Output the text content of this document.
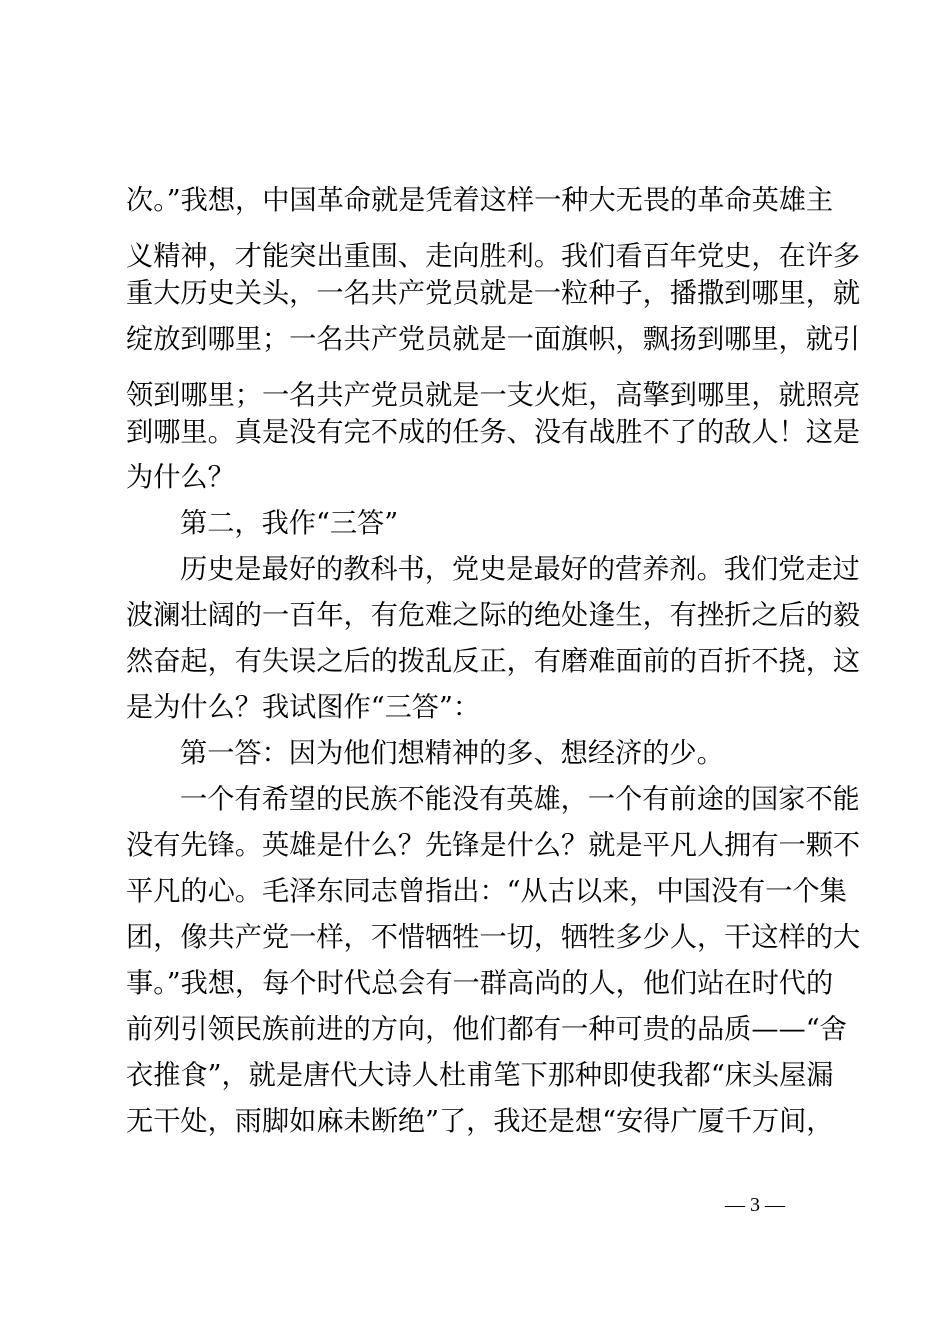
次。”我想，中国革命就是凭着这样一种大无畏的革命英雄主
义精神，才能突出重围、走向胜利。我们看百年党史，在许多
重大历史关头，一名共产党员就是一粒种子，播撒到哪里，就
绽放到哪里；一名共产党员就是一面旗帜，飘扬到哪里，就引
领到哪里；一名共产党员就是一支火炬，高擎到哪里，就照亮
到哪里。真是没有完不成的任务、没有战胜不了的敌人！这是
为什么？
第二，我作“三答”
历史是最好的教科书，党史是最好的营养剂。我们党走过
波澜壮阔的一百年，有危难之际的绝处逢生，有挫折之后的毅
然奋起，有失误之后的拨乱反正，有磨难面前的百折不挠，这
是为什么？我试图作“三答”：
第一答：因为他们想精神的多、想经济的少。
一个有希望的民族不能没有英雄，一个有前途的国家不能
没有先锋。英雄是什么？先锋是什么？就是平凡人拥有一颗不
平凡的心。毛泽东同志曾指出：“从古以来，中国没有一个集
团，像共产党一样，不惜牺牲一切，牺牲多少人，干这样的大
事。”我想，每个时代总会有一群高尚的人，他们站在时代的
前列引领民族前进的方向，他们都有一种可贵的品质——“舍
衣推食”，就是唐代大诗人杜甫笔下那种即使我都“床头屋漏
无干处，雨脚如麻未断绝”了，我还是想“安得广厦千万间，
— 3 —
